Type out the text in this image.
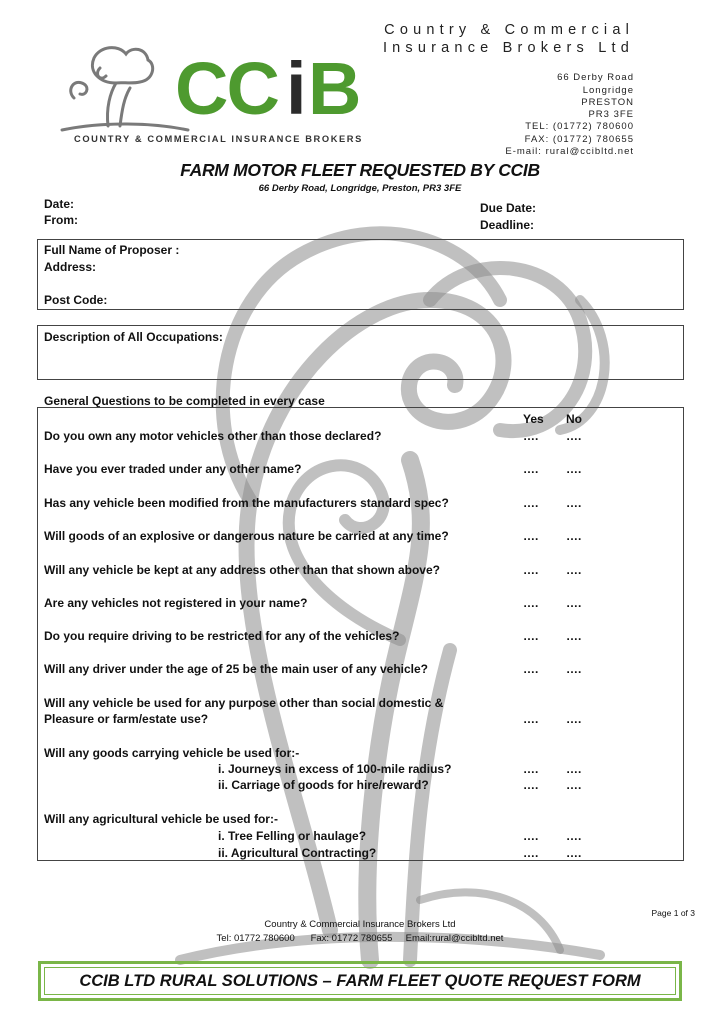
CC i B
COUNTRY & COMMERCIAL INSURANCE BROKERS
Country & Commercial
Insurance Brokers Ltd
66 Derby Road
Longridge
PRESTON
PR3 3FE
TEL: (01772) 780600
FAX: (01772) 780655
E-mail: rural@ccibltd.net
FARM MOTOR FLEET REQUESTED BY CCIB
66 Derby Road, Longridge, Preston, PR3 3FE
Date:
From:
Due Date:
Deadline:
Full Name of Proposer :
Address:
Post Code:
Description of All Occupations:
General Questions to be completed in every case
Yes No
Do you own any motor vehicles other than those declared?
Have you ever traded under any other name?
Has any vehicle been modified from the manufacturers standard spec?
Will goods of an explosive or dangerous nature be carried at any time?
Will any vehicle be kept at any address other than that shown above?
Are any vehicles not registered in your name?
Do you require driving to be restricted for any of the vehicles?
Will any driver under the age of 25 be the main user of any vehicle?
Will any vehicle be used for any purpose other than social domestic &
Pleasure or farm/estate use?
Will any goods carrying vehicle be used for:-
i. Journeys in excess of 100-mile radius?
ii. Carriage of goods for hire/reward?
Will any agricultural vehicle be used for:-
i. Tree Felling or haulage?
ii. Agricultural Contracting?
…. ….
…. ….
…. ….
…. ….
…. ….
…. ….
…. ….
…. ….
…. ….
…. ….
…. ….
…. ….
…. ….
Page 1 of 3
Country & Commercial Insurance Brokers Ltd
Tel: 01772 780600      Fax: 01772 780655     Email:rural@ccibltd.net
CCIB LTD RURAL SOLUTIONS – FARM FLEET QUOTE REQUEST FORM
